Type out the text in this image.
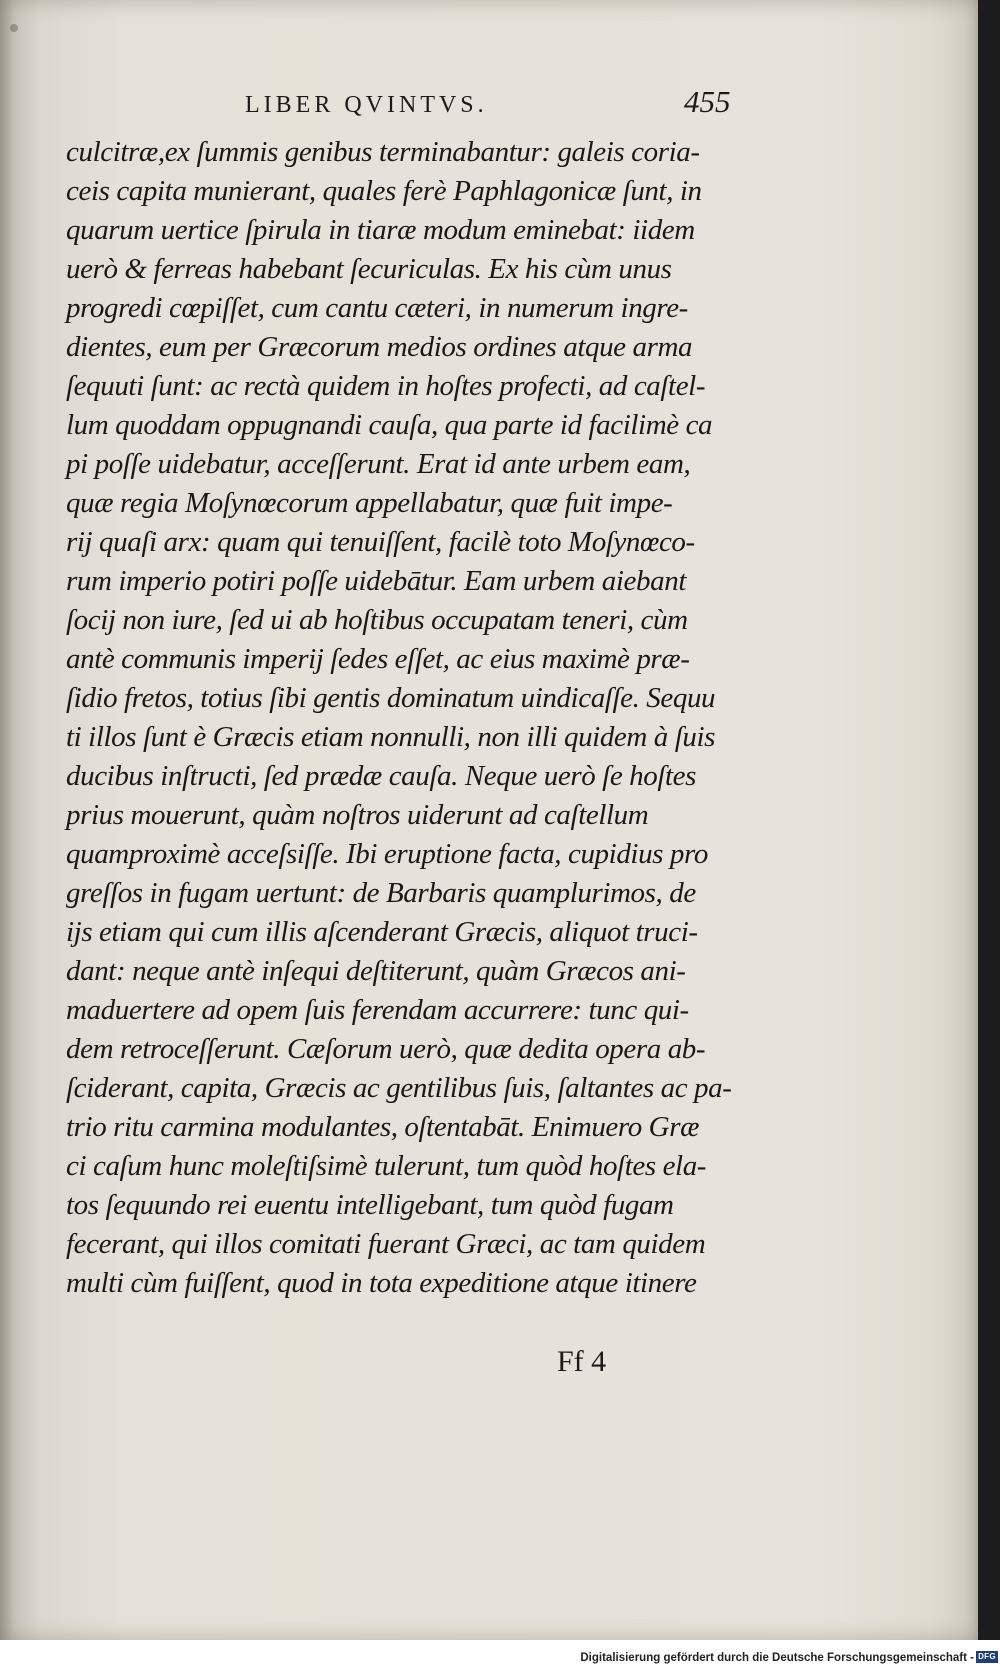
LIBER QVINTVS.	455
culcitræ,ex ſummis genibus terminabantur: galeis coria-
ceis capita munierant, quales ferè Paphlagonicæ ſunt, in
quarum uertice ſpirula in tiaræ modum eminebat: iidem
uerò & ferreas habebant ſecuriculas. Ex his cùm unus
progredi cœpiſſet, cum cantu cæteri, in numerum ingre-
dientes, eum per Græcorum medios ordines atque arma
ſequuti ſunt: ac rectà quidem in hoſtes profecti, ad caſtel-
lum quoddam oppugnandi cauſa, qua parte id facilimè ca
pi poſſe uidebatur, acceſſerunt. Erat id ante urbem eam,
quæ regia Moſynœcorum appellabatur, quæ fuit impe-
rij quaſi arx: quam qui tenuiſſent, facilè toto Moſynœco-
rum imperio potiri poſſe uidebātur. Eam urbem aiebant
ſocij non iure, ſed ui ab hoſtibus occupatam teneri, cùm
antè communis imperij ſedes eſſet, ac eius maximè præ-
ſidio fretos, totius ſibi gentis dominatum uindicaſſe. Sequu
ti illos ſunt è Græcis etiam nonnulli, non illi quidem à ſuis
ducibus inſtructi, ſed prædæ cauſa. Neque uerò ſe hoſtes
prius mouerunt, quàm noſtros uiderunt ad caſtellum
quamproximè acceſsiſſe. Ibi eruptione facta, cupidius pro
greſſos in fugam uertunt: de Barbaris quamplurimos, de
ijs etiam qui cum illis aſcenderant Græcis, aliquot truci-
dant: neque antè inſequi deſtiterunt, quàm Græcos ani-
maduertere ad opem ſuis ferendam accurrere: tunc qui-
dem retroceſſerunt. Cæſorum uerò, quæ dedita opera ab-
ſciderant, capita, Græcis ac gentilibus ſuis, ſaltantes ac pa-
trio ritu carmina modulantes, oſtentabāt. Enimuero Græ
ci caſum hunc moleſtiſsimè tulerunt, tum quòd hoſtes ela-
tos ſequundo rei euentu intelligebant, tum quòd fugam
fecerant, qui illos comitati fuerant Græci, ac tam quidem
multi cùm fuiſſent, quod in tota expeditione atque itinere
Ff 4
Digitalisierung gefördert durch die Deutsche Forschungsgemeinschaft - DFG
